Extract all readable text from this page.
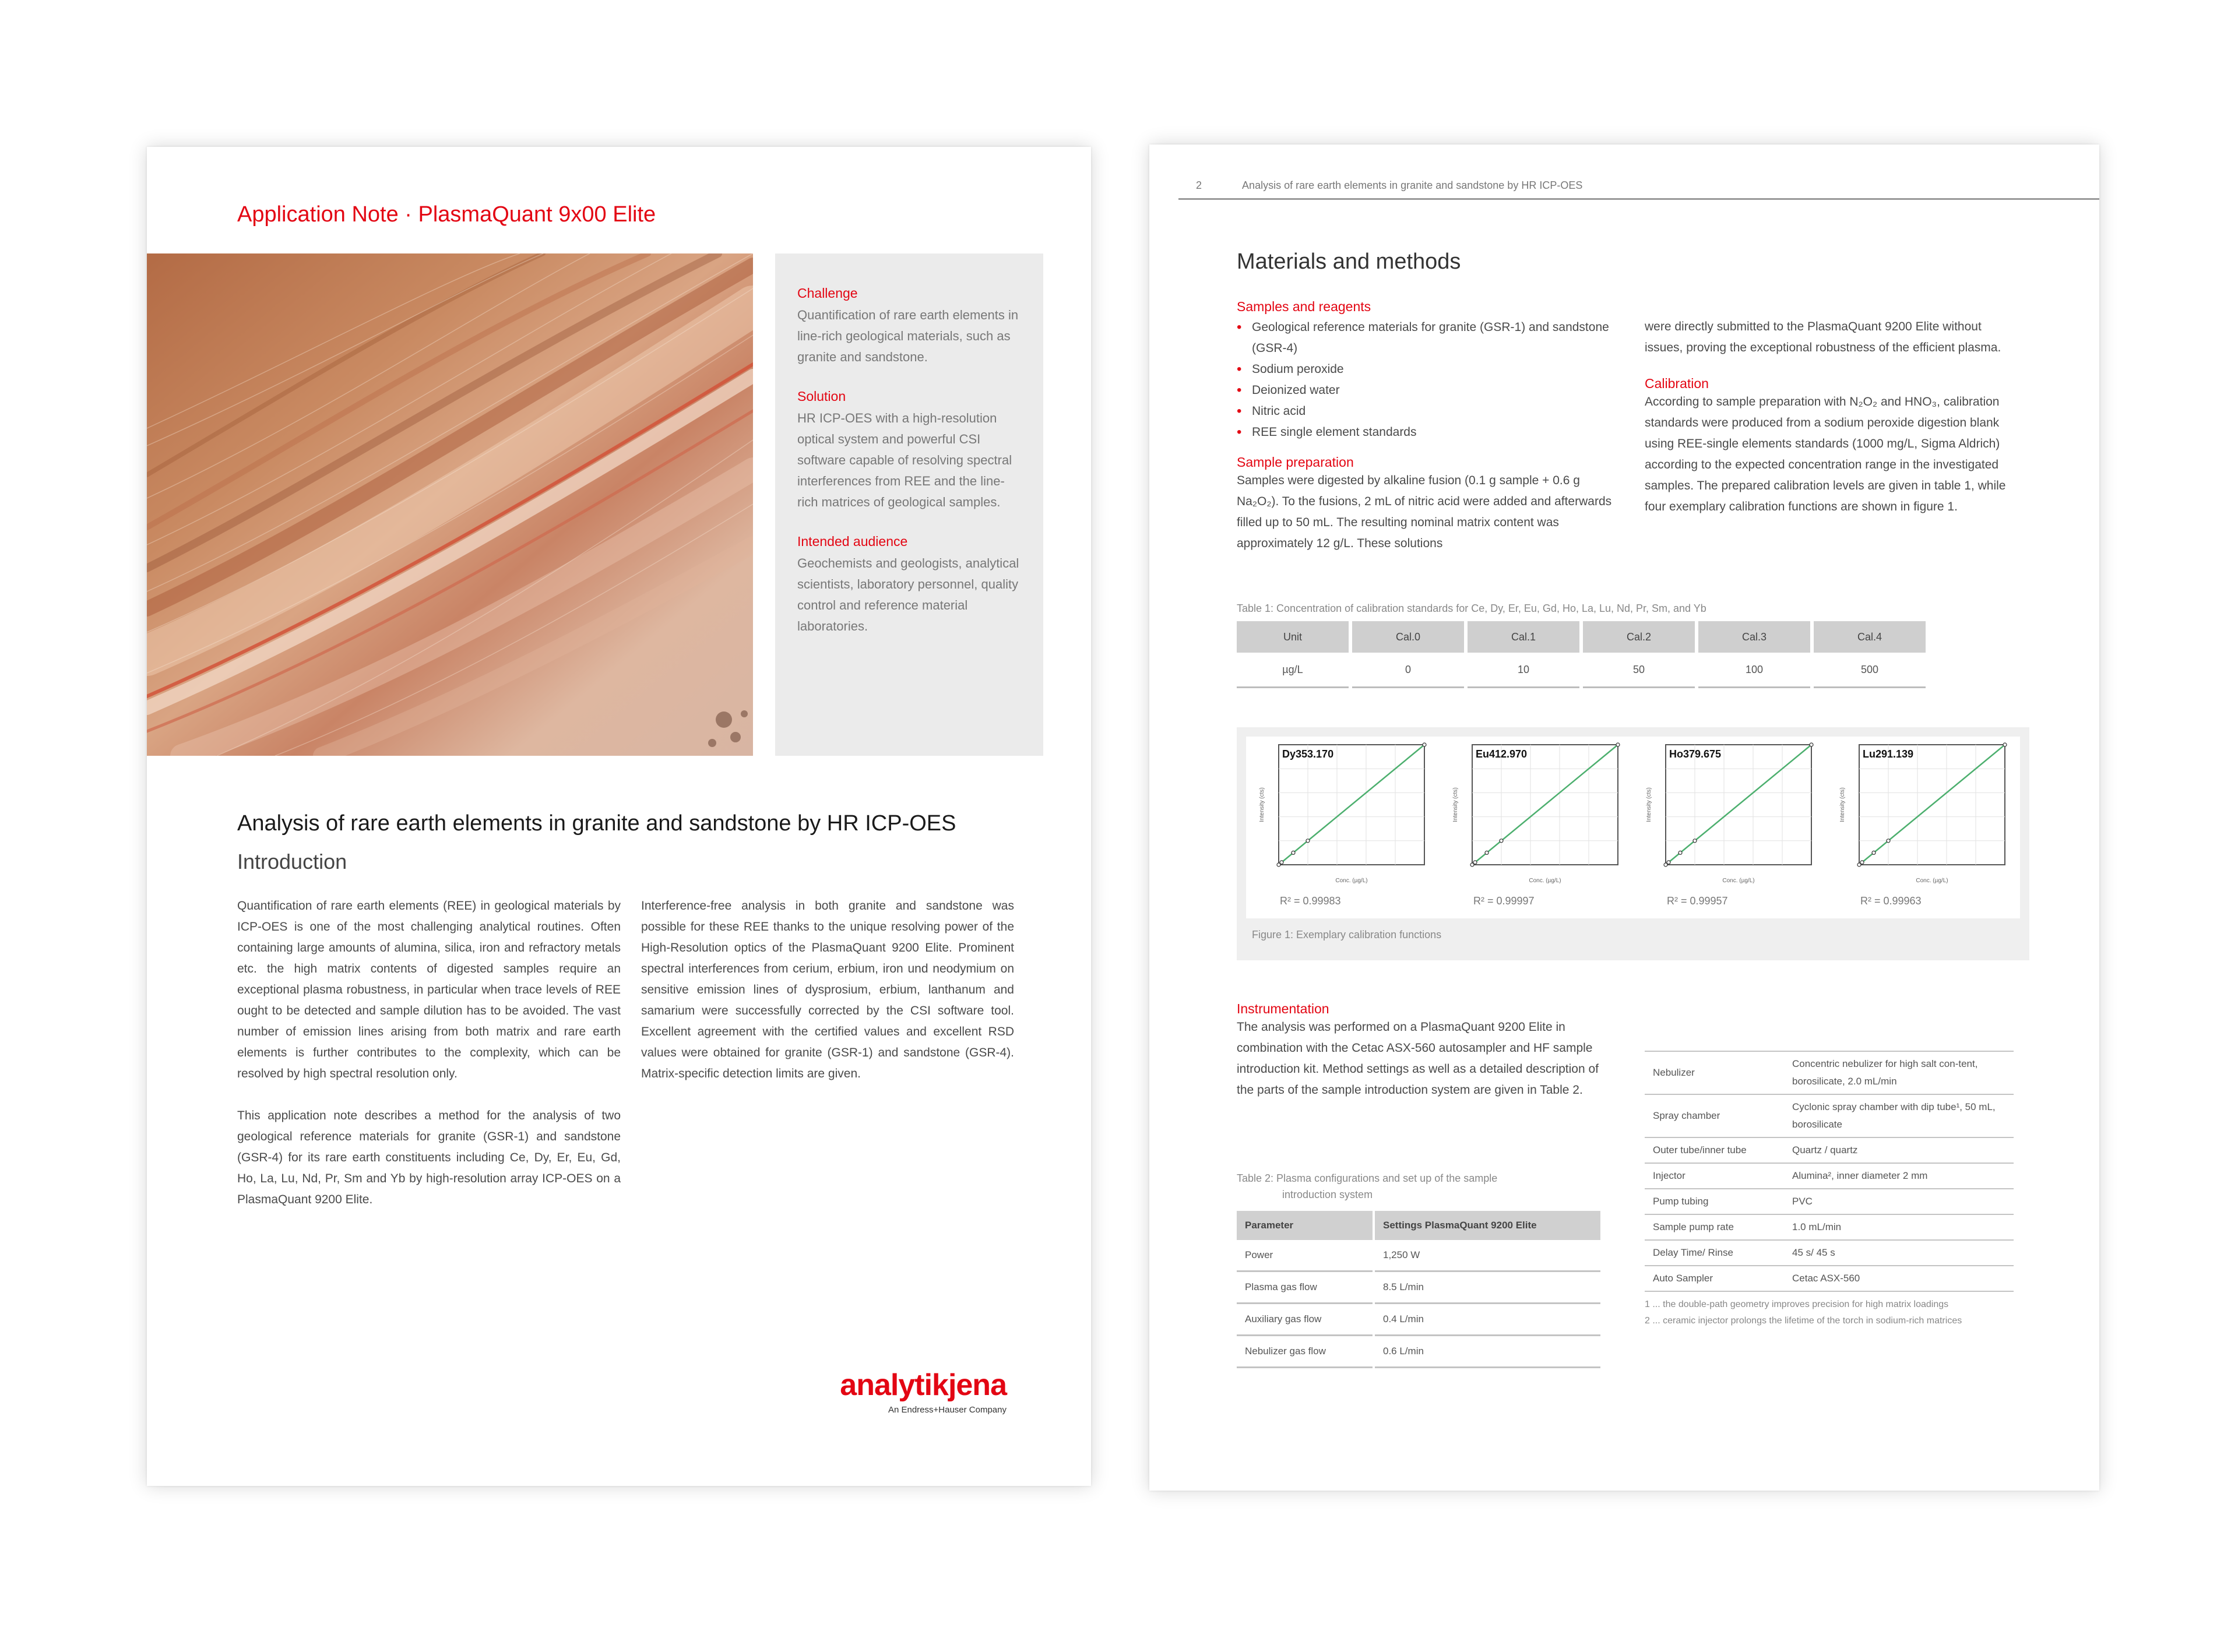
Application Note · PlasmaQuant 9x00 Elite
Challenge
Quantification of rare earth elements in line-rich geological materials, such as granite and sandstone.
Solution
HR ICP-OES with a high-resolution optical system and powerful CSI software capable of resolving spectral interferences from REE and the line-rich matrices of geological samples.
Intended audience
Geochemists and geologists, analytical scientists, laboratory personnel, quality control and reference material laboratories.
Analysis of rare earth elements in granite and sandstone by HR ICP-OES
Introduction

Quantification of rare earth elements (REE) in geological materials by ICP-OES is one of the most challenging analytical routines. Often containing large amounts of alumina, silica, iron and refractory metals etc. the high matrix contents of digested samples require an exceptional plasma robustness, in particular when trace levels of REE ought to be detected and sample dilution has to be avoided. The vast number of emission lines arising from both matrix and rare earth elements is further contributes to the complexity, which can be resolved by high spectral resolution only.

This application note describes a method for the analysis of two geological reference materials for granite (GSR-1) and sandstone (GSR-4) for its rare earth constituents including Ce, Dy, Er, Eu, Gd, Ho, La, Lu, Nd, Pr, Sm and Yb by high-resolution array ICP-OES on a PlasmaQuant 9200 Elite.

Interference-free analysis in both granite and sandstone was possible for these REE thanks to the unique resolving power of the High-Resolution optics of the PlasmaQuant 9200 Elite. Prominent spectral interferences from cerium, erbium, iron und neodymium on sensitive emission lines of dysprosium, erbium, lanthanum and samarium were successfully corrected by the CSI software tool. Excellent agreement with the certified values and excellent RSD values were obtained for granite (GSR-1) and sandstone (GSR-4). Matrix-specific detection limits are given.

analytikjena
An Endress+Hauser Company
2	Analysis of rare earth elements in granite and sandstone by HR ICP-OES
Materials and methods
Samples and reagents
• Geological reference materials for granite (GSR-1) and sandstone (GSR-4)
• Sodium peroxide
• Deionized water
• Nitric acid
• REE single element standards
Sample preparation
Samples were digested by alkaline fusion (0.1 g sample + 0.6 g Na₂O₂). To the fusions, 2 mL of nitric acid were added and afterwards filled up to 50 mL. The resulting nominal matrix content was approximately 12 g/L. These solutions
were directly submitted to the PlasmaQuant 9200 Elite without issues, proving the exceptional robustness of the efficient plasma.
Calibration
According to sample preparation with N₂O₂ and HNO₃, calibration standards were produced from a sodium peroxide digestion blank using REE-single elements standards (1000 mg/L, Sigma Aldrich) according to the expected concentration range in the investigated samples. The prepared calibration levels are given in table 1, while four exemplary calibration functions are shown in figure 1.
Table 1: Concentration of calibration standards for Ce, Dy, Er, Eu, Gd, Ho, La, Lu, Nd, Pr, Sm, and Yb
Unit	Cal.0	Cal.1	Cal.2	Cal.3	Cal.4
µg/L	0	10	50	100	500
Dy353.170
Conc. (µg/L)
Intensity (cts)
R² = 0.99983
Eu412.970
Conc. (µg/L)
Intensity (cts)
R² = 0.99997
Ho379.675
Conc. (µg/L)
Intensity (cts)
R² = 0.99957
Lu291.139
Conc. (µg/L)
Intensity (cts)
R² = 0.99963
Figure 1: Exemplary calibration functions
Instrumentation
The analysis was performed on a PlasmaQuant 9200 Elite in combination with the Cetac ASX-560 autosampler and HF sample introduction kit. Method settings as well as a detailed description of the parts of the sample introduction system are given in Table 2.
Table 2: Plasma configurations and set up of the sample
introduction system
Parameter	Settings PlasmaQuant 9200 Elite
Power	1,250 W
Plasma gas flow	8.5 L/min
Auxiliary gas flow	0.4 L/min
Nebulizer gas flow	0.6 L/min
Nebulizer	Concentric nebulizer for high salt con-tent, borosilicate, 2.0 mL/min
Spray chamber	Cyclonic spray chamber with dip tube¹, 50 mL, borosilicate
Outer tube/inner tube	Quartz / quartz
Injector	Alumina², inner diameter 2 mm
Pump tubing	PVC
Sample pump rate	1.0 mL/min
Delay Time/ Rinse	45 s/ 45 s
Auto Sampler	Cetac ASX-560
1 ... the double-path geometry improves precision for high matrix loadings
2 ... ceramic injector prolongs the lifetime of the torch in sodium-rich matrices
